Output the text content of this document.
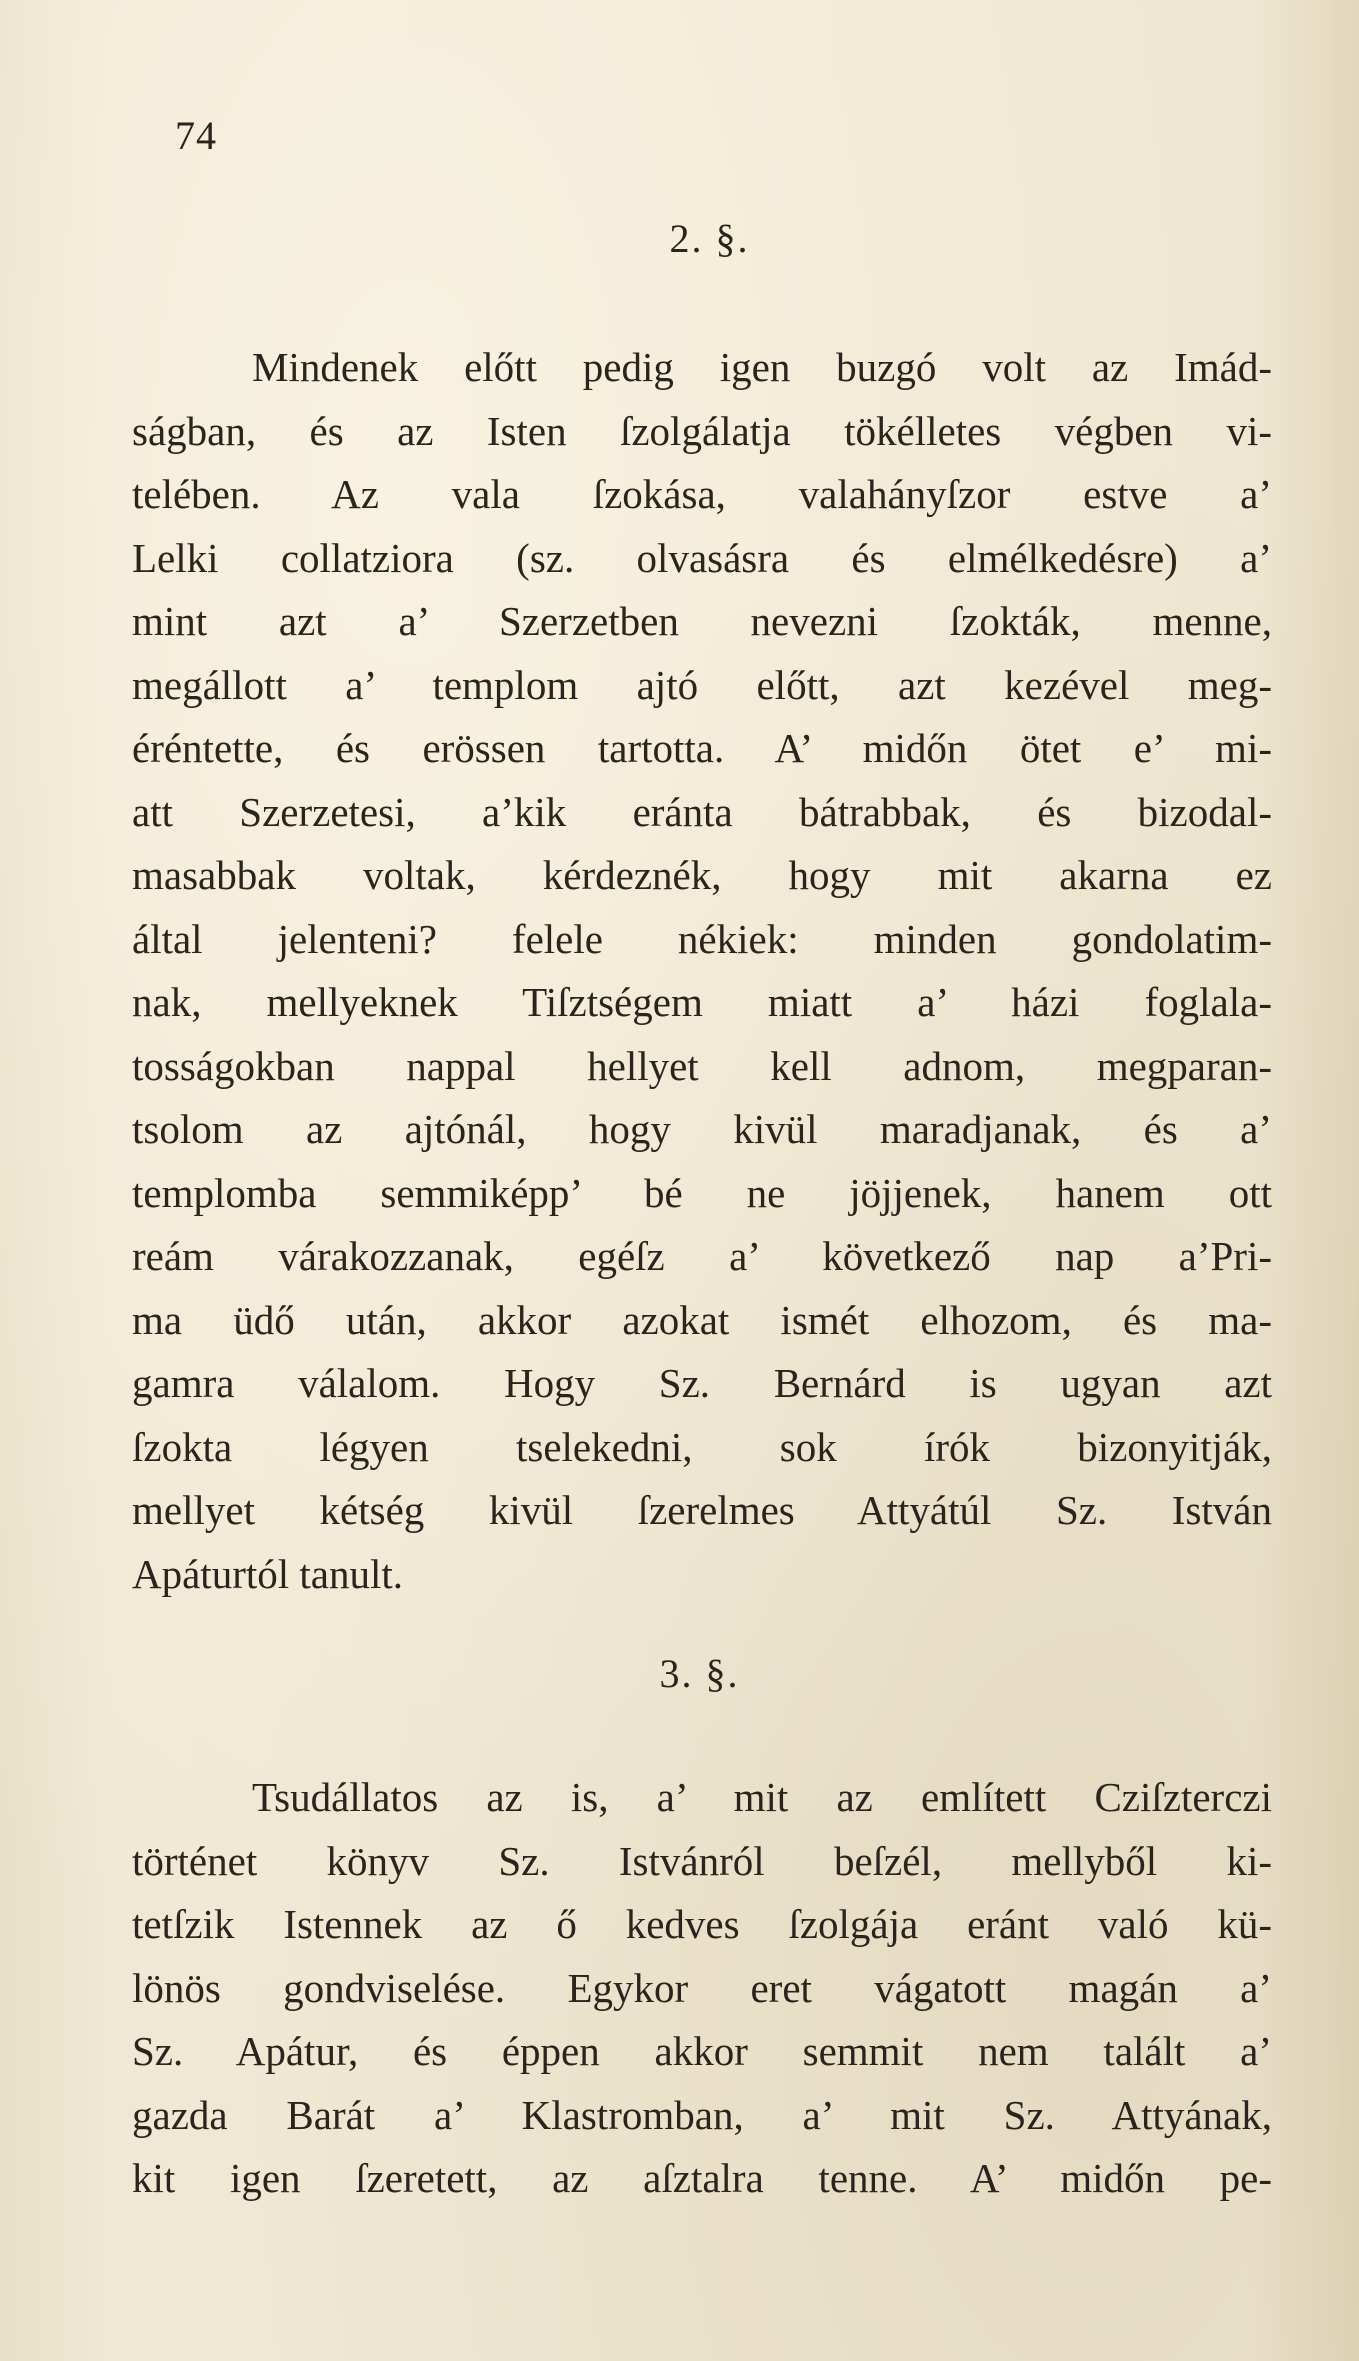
74
2. §.
Mindenek előtt pedig igen buzgó volt az Imád-
ságban, és az Isten ſzolgálatja tökélletes végben vi-
telében. Az vala ſzokása, valahányſzor estve a’
Lelki collatziora (sz. olvasásra és elmélkedésre) a’
mint azt a’ Szerzetben nevezni ſzokták, menne,
megállott a’ templom ajtó előtt, azt kezével meg-
éréntette, és erössen tartotta. A’ midőn ötet e’ mi-
att Szerzetesi, a’kik eránta bátrabbak, és bizodal-
masabbak voltak, kérdeznék, hogy mit akarna ez
által jelenteni? felele nékiek: minden gondolatim-
nak, mellyeknek Tiſztségem miatt a’ házi foglala-
tosságokban nappal hellyet kell adnom, megparan-
tsolom az ajtónál, hogy kivül maradjanak, és a’
templomba semmiképp’ bé ne jöjjenek, hanem ott
reám várakozzanak, egéſz a’ következő nap a’Pri-
ma üdő után, akkor azokat ismét elhozom, és ma-
gamra válalom. Hogy Sz. Bernárd is ugyan azt
ſzokta légyen tselekedni, sok írók bizonyitják,
mellyet kétség kivül ſzerelmes Attyátúl Sz. István
Apáturtól tanult.
3. §.
Tsudállatos az is, a’ mit az említett Cziſzterczi
történet könyv Sz. Istvánról beſzél, mellyből ki-
tetſzik Istennek az ő kedves ſzolgája eránt való kü-
lönös gondviselése. Egykor eret vágatott magán a’
Sz. Apátur, és éppen akkor semmit nem talált a’
gazda Barát a’ Klastromban, a’ mit Sz. Attyának,
kit igen ſzeretett, az aſztalra tenne. A’ midőn pe-
